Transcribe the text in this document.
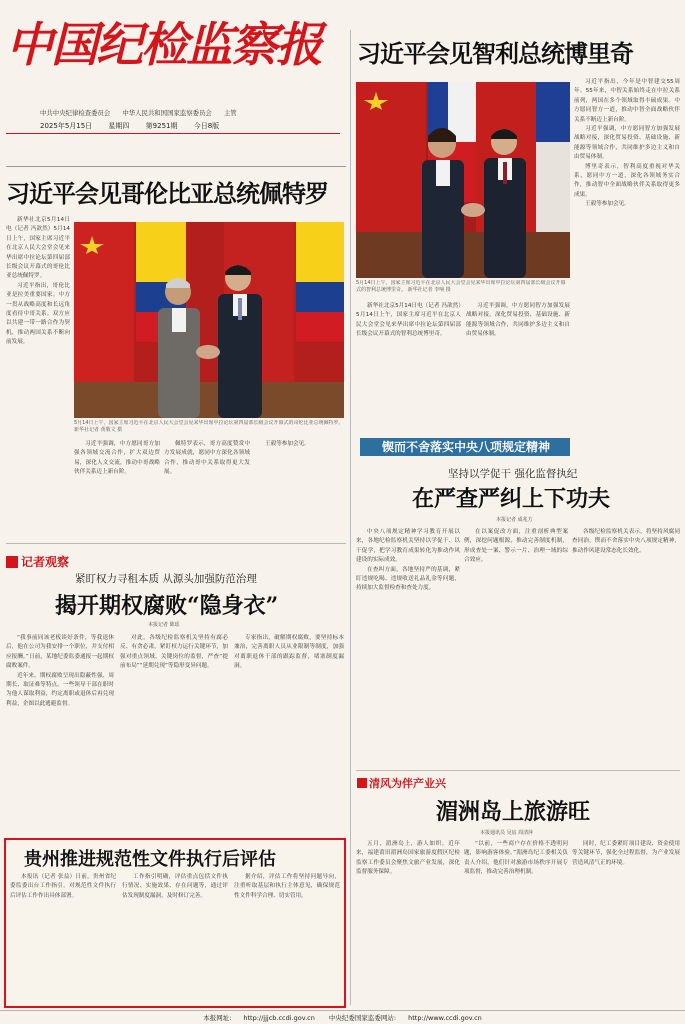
中国纪检监察报
中共中央纪律检查委员会 中华人民共和国国家监察委员会 主管
2025年5月15日 星期四 第9251期 今日8版
习近平会见智利总统博里奇
5月14日上午，国家主席习近平在北京人民大会堂会见来华出席中拉论坛第四届部长级会议开幕式的智利总统博里奇。 新华社记者 李响 摄

习近平指出，今年是中智建交55周年。55年来，中智关系始终走在中拉关系前列，两国在多个领域取得丰硕成果。中方愿同智方一道，推动中智全面战略伙伴关系不断迈上新台阶。

习近平强调，中方愿同智方加强发展战略对接，深化贸易投资、基础设施、新能源等领域合作，共同维护多边主义和自由贸易体制。

博里奇表示，智利高度重视对华关系，愿同中方一道，深化各领域务实合作，推动智中全面战略伙伴关系取得更多成果。

王毅等参加会见。

新华社北京5月14日电（记者 冯歆然）5月14日上午，国家主席习近平在北京人民大会堂会见来华出席中拉论坛第四届部长级会议开幕式的智利总统博里奇。

习近平强调，中方愿同智方加强发展战略对接，深化贸易投资、基础设施、新能源等领域合作，共同维护多边主义和自由贸易体制。

习近平会见哥伦比亚总统佩特罗

新华社北京5月14日电（记者 冯歆然）5月14日上午，国家主席习近平在北京人民大会堂会见来华出席中拉论坛第四届部长级会议开幕式的哥伦比亚总统佩特罗。

习近平指出，哥伦比亚是拉美重要国家。中方一贯从战略高度和长远角度看待中哥关系。双方应以共建一带一路合作为契机，推动两国关系不断向前发展。

5月14日上午，国家主席习近平在北京人民大会堂会见来华出席中拉论坛第四届部长级会议开幕式的哥伦比亚总统佩特罗。 新华社记者 黄敬文 摄

习近平强调，中方愿同哥方加强各领域交流合作，扩大双边贸易，深化人文交流，推动中哥战略伙伴关系迈上新台阶。

佩特罗表示，哥方高度赞赏中方发展成就，愿同中方深化各领域合作，推动哥中关系取得更大发展。

王毅等参加会见。	锲而不舍落实中央八项规定精神
坚持以学促干 强化监督执纪
在严查严纠上下功夫
本报记者 成兆方

中央八项规定精神学习教育开展以来，各地纪检监察机关坚持以学促干、以干促学，把学习教育成果转化为推动作风建设的实际成效。

在查纠方面，各地坚持严的基调，紧盯违规吃喝、违规收送礼品礼金等问题，持续加大监督检查和查处力度。

在以案促改方面，注重剖析典型案例，深挖问题根源，推动完善制度机制，形成查处一案、警示一片、治理一域的综合效应。

各级纪检监察机关表示，将坚持风腐同查同治，锲而不舍落实中央八项规定精神，推动作风建设常态化长效化。

记者观察
紧盯权力寻租本质 从源头加强防范治理
揭开期权腐败“隐身衣”
本报记者 陈瑶

“我事前同该老板谈好条件，等我退休后，他在公司为我安排一个职位，并支付相应报酬。”日前，某地纪委监委通报一起期权腐败案件。

近年来，期权腐败呈现出隐蔽性强、周期长、取证难等特点。一些领导干部在职时为他人谋取利益，约定离职或退休后再兑现利益，企图以此逃避监督。

对此，各级纪检监察机关坚持有腐必反、有贪必肃，紧盯权力运行关键环节，加强对重点领域、关键岗位的监督，严查“提前布局”“延期兑现”等隐形变异问题。

专家指出，破解期权腐败，要坚持标本兼治，完善离职人员从业限制等制度，加强对离职退休干部的跟踪监督，堵塞制度漏洞。

清风为伴产业兴
湄洲岛上旅游旺
本报通讯员 吴宸 周清萍

五月，湄洲岛上，游人如织。近年来，福建莆田湄洲岛国家旅游度假区纪检监察工作委员会聚焦文旅产业发展，深化监督服务保障。

“以前，一些商户存在价格不透明问题，影响游客体验。”湄洲岛纪工委相关负责人介绍，他们针对旅游市场秩序开展专项监督，推动完善治理机制。

同时，纪工委紧盯项目建设、资金使用等关键环节，强化全过程监督，为产业发展营造风清气正的环境。

贵州推进规范性文件执行后评估

本报讯（记者 张益）日前，贵州省纪委监委出台工作指引，对规范性文件执行后评估工作作出具体部署。

工作指引明确，评估重点包括文件执行情况、实施效果、存在问题等，通过评估发现制度漏洞，及时修订完善。

据介绍，评估工作将坚持问题导向，注重听取基层和执行主体意见，确保规范性文件科学合理、切实管用。

本报网址: http://jjjcb.ccdi.gov.cn 中央纪委国家监委网站: http://www.ccdi.gov.cn
